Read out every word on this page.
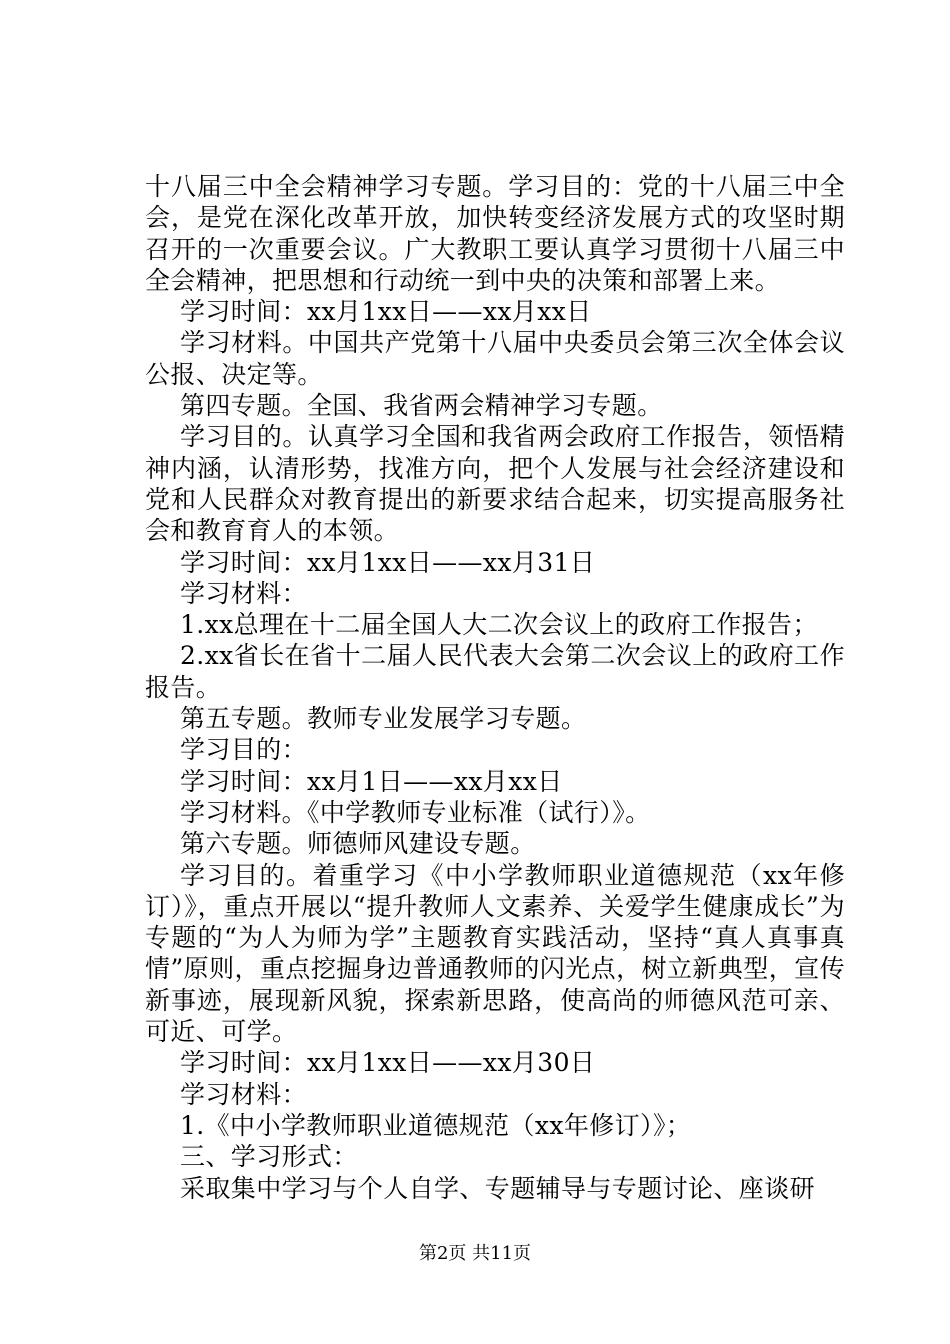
十八届三中全会精神学习专题。学习目的：党的十八届三中全会，是党在深化改革开放，加快转变经济发展方式的攻坚时期召开的一次重要会议。广大教职工要认真学习贯彻十八届三中全会精神，把思想和行动统一到中央的决策和部署上来。

学习时间：xx月1xx日——xx月xx日

学习材料。中国共产党第十八届中央委员会第三次全体会议公报、决定等。

第四专题。全国、我省两会精神学习专题。

学习目的。认真学习全国和我省两会政府工作报告，领悟精神内涵，认清形势，找准方向，把个人发展与社会经济建设和党和人民群众对教育提出的新要求结合起来，切实提高服务社会和教育育人的本领。

学习时间：xx月1xx日——xx月31日

学习材料：

1.xx总理在十二届全国人大二次会议上的政府工作报告；

2.xx省长在省十二届人民代表大会第二次会议上的政府工作报告。

第五专题。教师专业发展学习专题。

学习目的：

学习时间：xx月1日——xx月xx日

学习材料。《中学教师专业标准（试行）》。

第六专题。师德师风建设专题。

学习目的。着重学习《中小学教师职业道德规范（xx年修订）》，重点开展以“提升教师人文素养、关爱学生健康成长”为专题的“为人为师为学”主题教育实践活动，坚持“真人真事真情”原则，重点挖掘身边普通教师的闪光点，树立新典型，宣传新事迹，展现新风貌，探索新思路，使高尚的师德风范可亲、可近、可学。

学习时间：xx月1xx日——xx月30日

学习材料：

1.《中小学教师职业道德规范（xx年修订）》；

三、学习形式：

采取集中学习与个人自学、专题辅导与专题讨论、座谈研

第2页 共11页
